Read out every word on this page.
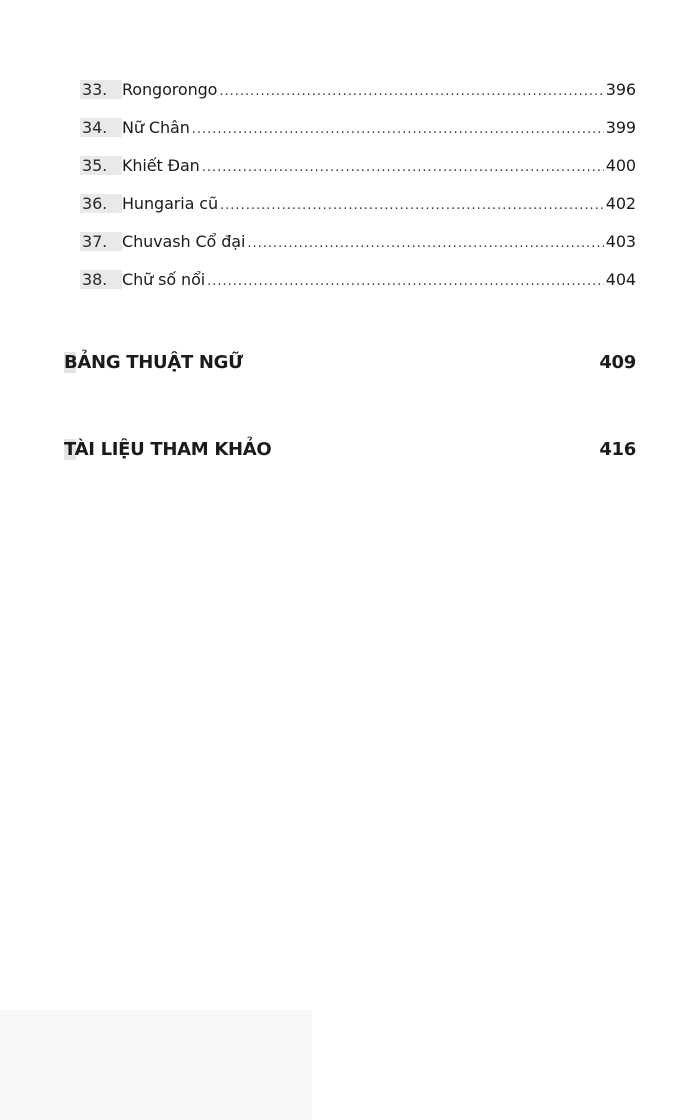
33. Rongorongo .....	396
34. Nữ Chân .....	399
35. Khiết Đan .....	400
36. Hungaria cũ .....	402
37. Chuvash Cổ đại .....	403
38. Chữ số nổi .....	404
BẢNG THUẬT NGỮ	409
TÀI LIỆU THAM KHẢO	416
